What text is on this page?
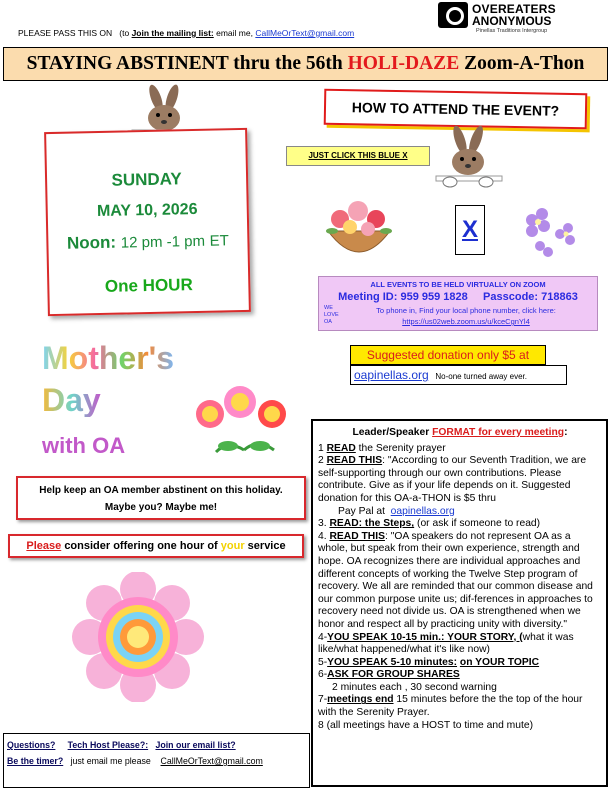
PLEASE PASS THIS ON (to Join the mailing list: email me, CallMeOrText@gmail.com
OVEREATERS
ANONYMOUS
Pinellas Traditions Intergroup
STAYING ABSTINENT thru the 56th HOLI-DAZE Zoom-A-Thon
SUNDAY
MAY 10, 2026
Noon: 12 pm -1 pm ET
One HOUR
HOW TO ATTEND THE EVENT?
JUST CLICK THIS BLUE X
X
ALL EVENTS TO BE HELD VIRTUALLY ON ZOOM
Meeting ID: 959 959 1828 Passcode: 718863
WE LOVE OA
To phone in, Find your local phone number, click here:
https://us02web.zoom.us/u/kceCgnYl4
Suggested donation only $5 at
oapinellas.org No-one turned away ever.
Mother's
Day
with OA
Help keep an OA member abstinent on this holiday.
Maybe you? Maybe me!
Please consider offering one hour of your service
Leader/Speaker FORMAT for every meeting:

1 READ the Serenity prayer

2 READ THIS: "According to our Seventh Tradition, we are self-supporting through our own contributions. Please contribute. Give as if your life depends on it. Suggested donation for this OA-a-THON is $5 thru

Pay Pal at oapinellas.org

3. READ: the Steps, (or ask if someone to read)

4. READ THIS: "OA speakers do not represent OA as a whole, but speak from their own experience, strength and hope. OA recognizes there are individual approaches and different concepts of working the Twelve Step program of recovery. We all are reminded that our common disease and our common purpose unite us; dif-ferences in approaches to recovery need not divide us. OA is strengthened when we honor and respect all by practicing unity with diversity."

4-YOU SPEAK 10-15 min.: YOUR STORY, (what it was like/what happened/what it's like now)

5-YOU SPEAK 5-10 minutes: on YOUR TOPIC

6-ASK FOR GROUP SHARES

2 minutes each , 30 second warning

7-meetings end 15 minutes before the the top of the hour with the Serenity Prayer.

8 (all meetings have a HOST to time and mute)

Questions? Tech Host Please?: Join our email list?
Be the timer? just email me please CallMeOrText@gmail.com
